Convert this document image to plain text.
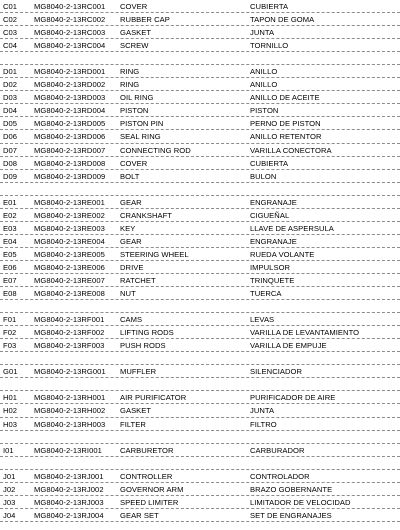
C01	MG8040-2-13RC001	COVER	CUBIERTA
C02	MG8040-2-13RC002	RUBBER CAP	TAPON DE GOMA
C03	MG8040-2-13RC003	GASKET	JUNTA
C04	MG8040-2-13RC004	SCREW	TORNILLO
D01	MG8040-2-13RD001	RING	ANILLO
D02	MG8040-2-13RD002	RING	ANILLO
D03	MG8040-2-13RD003	OIL RING	ANILLO DE ACEITE
D04	MG8040-2-13RD004	PISTON	PISTON
D05	MG8040-2-13RD005	PISTON PIN	PERNO DE PISTON
D06	MG8040-2-13RD006	SEAL RING	ANILLO RETENTOR
D07	MG8040-2-13RD007	CONNECTING ROD	VARILLA CONECTORA
D08	MG8040-2-13RD008	COVER	CUBIERTA
D09	MG8040-2-13RD009	BOLT	BULON
E01	MG8040-2-13RE001	GEAR	ENGRANAJE
E02	MG8040-2-13RE002	CRANKSHAFT	CIGUEÑAL
E03	MG8040-2-13RE003	KEY	LLAVE DE ASPERSULA
E04	MG8040-2-13RE004	GEAR	ENGRANAJE
E05	MG8040-2-13RE005	STEERING WHEEL	RUEDA VOLANTE
E06	MG8040-2-13RE006	DRIVE	IMPULSOR
E07	MG8040-2-13RE007	RATCHET	TRINQUETE
E08	MG8040-2-13RE008	NUT	TUERCA
F01	MG8040-2-13RF001	CAMS	LEVAS
F02	MG8040-2-13RF002	LIFTING RODS	VARILLA DE LEVANTAMIENTO
F03	MG8040-2-13RF003	PUSH RODS	VARILLA DE EMPUJE
G01	MG8040-2-13RG001	MUFFLER	SILENCIADOR
H01	MG8040-2-13RH001	AIR PURIFICATOR	PURIFICADOR DE AIRE
H02	MG8040-2-13RH002	GASKET	JUNTA
H03	MG8040-2-13RH003	FILTER	FILTRO
I01	MG8040-2-13RI001	CARBURETOR	CARBURADOR
J01	MG8040-2-13RJ001	CONTROLLER	CONTROLADOR
J02	MG8040-2-13RJ002	GOVERNOR ARM	BRAZO GOBERNANTE
J03	MG8040-2-13RJ003	SPEED LIMITER	LIMITADOR DE VELOCIDAD
J04	MG8040-2-13RJ004	GEAR SET	SET DE ENGRANAJES
